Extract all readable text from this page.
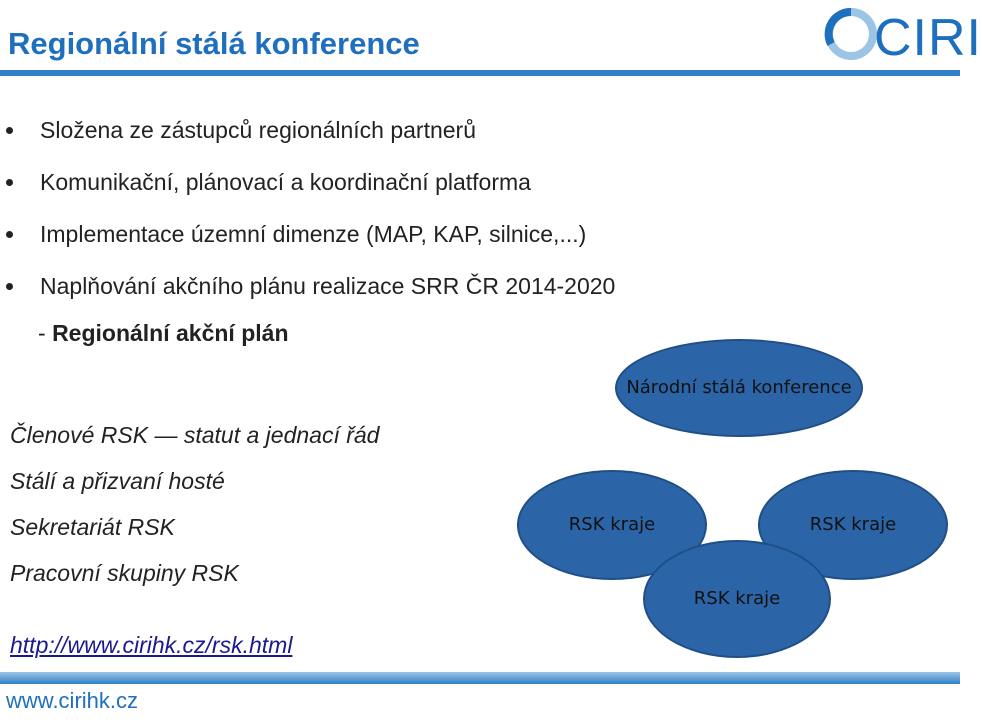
Regionální stálá konference	CIRI
Složena ze zástupců regionálních partnerů
Komunikační, plánovací a koordinační platforma
Implementace územní dimenze (MAP, KAP, silnice,...)
Naplňování akčního plánu realizace SRR ČR 2014-2020
- Regionální akční plán
Členové RSK — statut a jednací řád
Stálí a přizvaní hosté
Sekretariát RSK
Pracovní skupiny RSK
http://www.cirihk.cz/rsk.html
Národní stálá konference
RSK kraje	RSK kraje
RSK kraje
www.cirihk.cz
